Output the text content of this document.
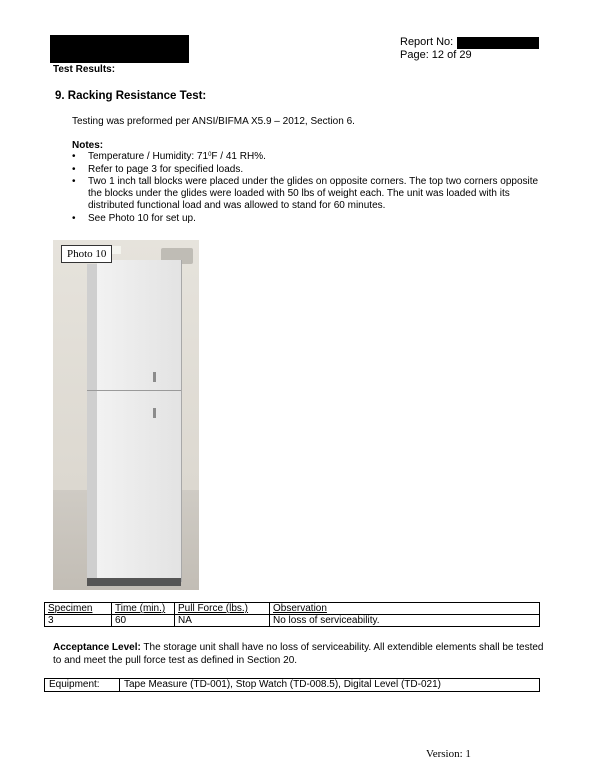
Test Results:
Report No:
Page: 12 of 29
9. Racking Resistance Test:
Testing was preformed per ANSI/BIFMA X5.9 – 2012, Section 6.
Notes:
• Temperature / Humidity: $71^0F / 41$ RH%.
• Refer to page 3 for specified loads.
• Two 1 inch tall blocks were placed under the glides on opposite corners. The top two corners opposite the blocks under the glides were loaded with 50 lbs of weight each. The unit was loaded with its distributed functional load and was allowed to stand for 60 minutes.
• See Photo 10 for set up.
Photo 10
Specimen	Time (min.)	Pull Force (lbs.)	Observation
3	60	NA	No loss of serviceability.
Acceptance Level: The storage unit shall have no loss of serviceability. All extendible elements shall be tested to and meet the pull force test as defined in Section 20.
Equipment:	Tape Measure (TD-001), Stop Watch (TD-008.5), Digital Level (TD-021)
Version: 1
